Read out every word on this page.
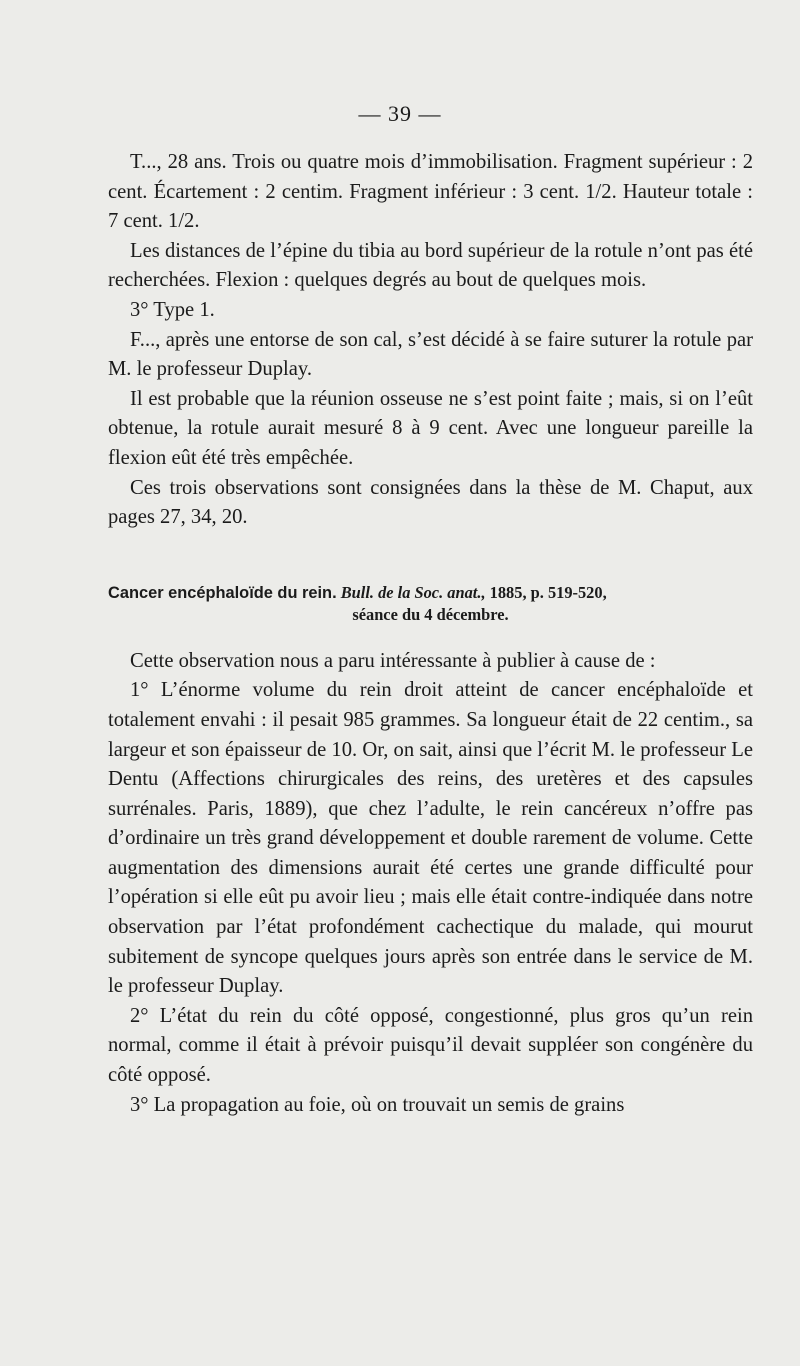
— 39 —

T..., 28 ans. Trois ou quatre mois d’immobilisation. Fragment supérieur : 2 cent. Écartement : 2 centim. Fragment inférieur : 3 cent. 1/2. Hauteur totale : 7 cent. 1/2.

Les distances de l’épine du tibia au bord supérieur de la rotule n’ont pas été recherchées. Flexion : quelques degrés au bout de quelques mois.

3° Type 1.

F..., après une entorse de son cal, s’est décidé à se faire suturer la rotule par M. le professeur Duplay.

Il est probable que la réunion osseuse ne s’est point faite ; mais, si on l’eût obtenue, la rotule aurait mesuré 8 à 9 cent. Avec une longueur pareille la flexion eût été très empêchée.

Ces trois observations sont consignées dans la thèse de M. Chaput, aux pages 27, 34, 20.

Cancer encéphaloïde du rein. Bull. de la Soc. anat., 1885, p. 519-520,

séance du 4 décembre.

Cette observation nous a paru intéressante à publier à cause de :

1° L’énorme volume du rein droit atteint de cancer encéphaloïde et totalement envahi : il pesait 985 grammes. Sa longueur était de 22 centim., sa largeur et son épaisseur de 10. Or, on sait, ainsi que l’écrit M. le professeur Le Dentu (Affections chirurgicales des reins, des uretères et des capsules surrénales. Paris, 1889), que chez l’adulte, le rein cancéreux n’offre pas d’ordinaire un très grand développement et double rarement de volume. Cette augmentation des dimensions aurait été certes une grande difficulté pour l’opération si elle eût pu avoir lieu ; mais elle était contre-indiquée dans notre observation par l’état profondément cachectique du malade, qui mourut subitement de syncope quelques jours après son entrée dans le service de M. le professeur Duplay.

2° L’état du rein du côté opposé, congestionné, plus gros qu’un rein normal, comme il était à prévoir puisqu’il devait suppléer son congénère du côté opposé.

3° La propagation au foie, où on trouvait un semis de grains
